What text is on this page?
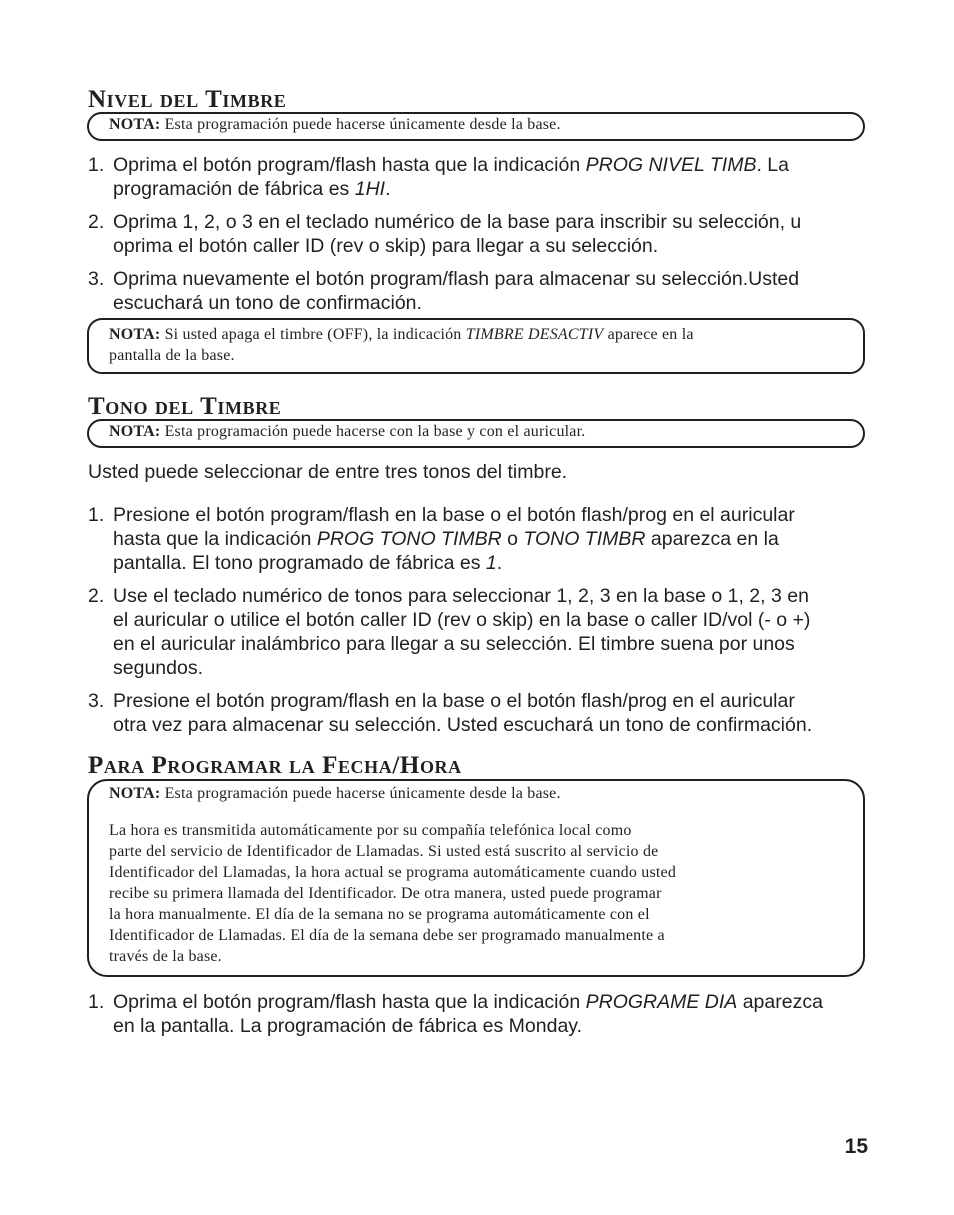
Nivel del Timbre
NOTA: Esta programación puede hacerse únicamente desde la base.
1. Oprima el botón program/flash hasta que la indicación PROG NIVEL TIMB. La
programación de fábrica es 1HI.
2. Oprima 1, 2, o 3 en el teclado numérico de la base para inscribir su selección, u
oprima el botón caller ID (rev o skip) para llegar a su selección.
3. Oprima nuevamente el botón program/flash para almacenar su selección.Usted
escuchará un tono de confirmación.

NOTA: Si usted apaga el timbre (OFF), la indicación TIMBRE DESACTIV aparece en la

pantalla de la base.

Tono del Timbre
NOTA: Esta programación puede hacerse con la base y con el auricular.

Usted puede seleccionar de entre tres tonos del timbre.

1. Presione el botón program/flash en la base o el botón flash/prog en el auricular
hasta que la indicación PROG TONO TIMBR o TONO TIMBR aparezca en la
pantalla. El tono programado de fábrica es 1.
2. Use el teclado numérico de tonos para seleccionar 1, 2, 3 en la base o 1, 2, 3 en
el auricular o utilice el botón caller ID (rev o skip) en la base o caller ID/vol (- o +)
en el auricular inalámbrico para llegar a su selección. El timbre suena por unos
segundos.
3. Presione el botón program/flash en la base o el botón flash/prog en el auricular
otra vez para almacenar su selección. Usted escuchará un tono de confirmación.
Para Programar la Fecha/Hora

NOTA: Esta programación puede hacerse únicamente desde la base.

La hora es transmitida automáticamente por su compañía telefónica local como

parte del servicio de Identificador de Llamadas. Si usted está suscrito al servicio de

Identificador del Llamadas, la hora actual se programa automáticamente cuando usted

recibe su primera llamada del Identificador. De otra manera, usted puede programar

la hora manualmente. El día de la semana no se programa automáticamente con el

Identificador de Llamadas. El día de la semana debe ser programado manualmente a

través de la base.

1. Oprima el botón program/flash hasta que la indicación PROGRAME DIA aparezca
en la pantalla. La programación de fábrica es Monday.
15
